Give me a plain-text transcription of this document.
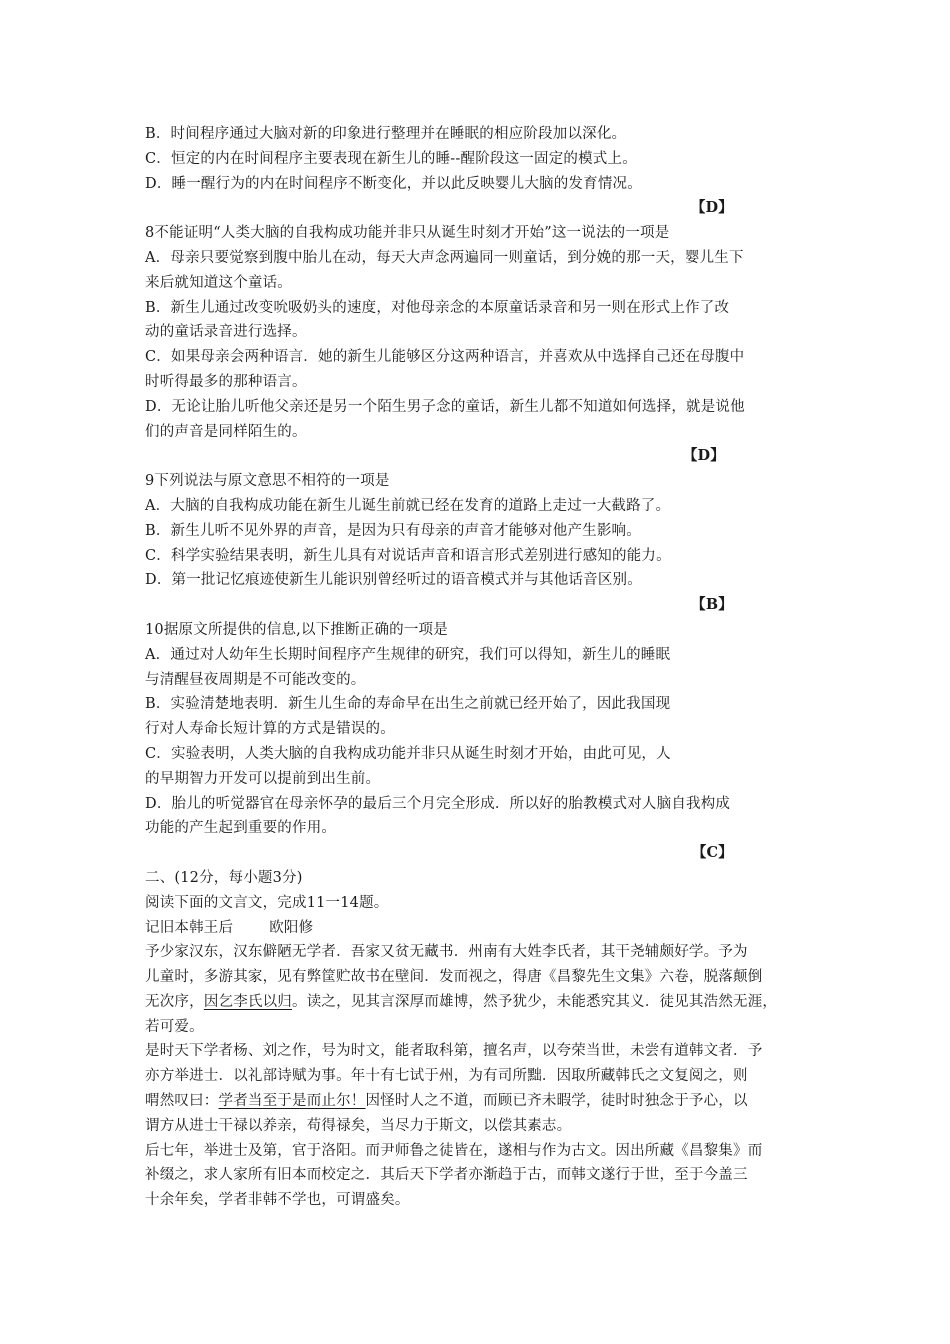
B．时间程序通过大脑对新的印象进行整理并在睡眠的相应阶段加以深化。
C．恒定的内在时间程序主要表现在新生儿的睡--醒阶段这一固定的模式上。
D．睡一醒行为的内在时间程序不断变化，并以此反映婴儿大脑的发育情况。
【D】
8不能证明“人类大脑的自我构成功能并非只从诞生时刻才开始”这一说法的一项是
A．母亲只要觉察到腹中胎儿在动，每天大声念两遍同一则童话，到分娩的那一天，婴儿生下
来后就知道这个童话。
B．新生儿通过改变吮吸奶头的速度，对他母亲念的本原童话录音和另一则在形式上作了改
动的童话录音进行选择。
C．如果母亲会两种语言．她的新生儿能够区分这两种语言，并喜欢从中选择自己还在母腹中
时听得最多的那种语言。
D．无论让胎儿听他父亲还是另一个陌生男子念的童话，新生儿都不知道如何选择，就是说他
们的声音是同样陌生的。
【D】
9下列说法与原文意思不相符的一项是
A．大脑的自我构成功能在新生儿诞生前就已经在发育的道路上走过一大截路了。
B．新生儿听不见外界的声音，是因为只有母亲的声音才能够对他产生影响。
C．科学实验结果表明，新生儿具有对说话声音和语言形式差别进行感知的能力。
D．第一批记忆痕迹使新生儿能识别曾经听过的语音模式并与其他话音区别。
【B】
10据原文所提供的信息,以下推断正确的一项是
A．通过对人幼年生长期时间程序产生规律的研究，我们可以得知，新生儿的睡眠
与清醒昼夜周期是不可能改变的。
B．实验清楚地表明．新生儿生命的寿命早在出生之前就已经开始了，因此我国现
行对人寿命长短计算的方式是错误的。
C．实验表明，人类大脑的自我构成功能并非只从诞生时刻才开始，由此可见，人
的早期智力开发可以提前到出生前。
D．胎儿的听觉器官在母亲怀孕的最后三个月完全形成．所以好的胎教模式对人脑自我构成
功能的产生起到重要的作用。
【C】
二、(12分，每小题3分)
阅读下面的文言文，完成11一14题。
记旧本韩王后 欧阳修
予少家汉东，汉东僻陋无学者．吾家又贫无藏书．州南有大姓李氏者，其干尧辅颇好学。予为
儿童时，多游其家，见有弊筐贮故书在壁间．发而视之，得唐《昌黎先生文集》六卷，脱落颠倒
无次序，因乞李氏以归。读之，见其言深厚而雄博，然予犹少，未能悉究其义．徒见其浩然无涯，
若可爱。
是时天下学者杨、刘之作，号为时文，能者取科第，擅名声，以夸荣当世，未尝有道韩文者．予
亦方举进士．以礼部诗赋为事。年十有七试于州，为有司所黜．因取所藏韩氏之文复阅之，则
喟然叹曰：学者当至于是而止尔！因怪时人之不道，而顾已齐未暇学，徒时时独念于予心，以
谓方从进士干禄以养亲，苟得禄矣，当尽力于斯文，以偿其素志。
后七年，举进士及第，官于洛阳。而尹师鲁之徒皆在，遂相与作为古文。因出所藏《昌黎集》而
补缀之，求人家所有旧本而校定之．其后天下学者亦渐趋于古，而韩文遂行于世，至于今盖三
十余年矣，学者非韩不学也，可谓盛矣。
